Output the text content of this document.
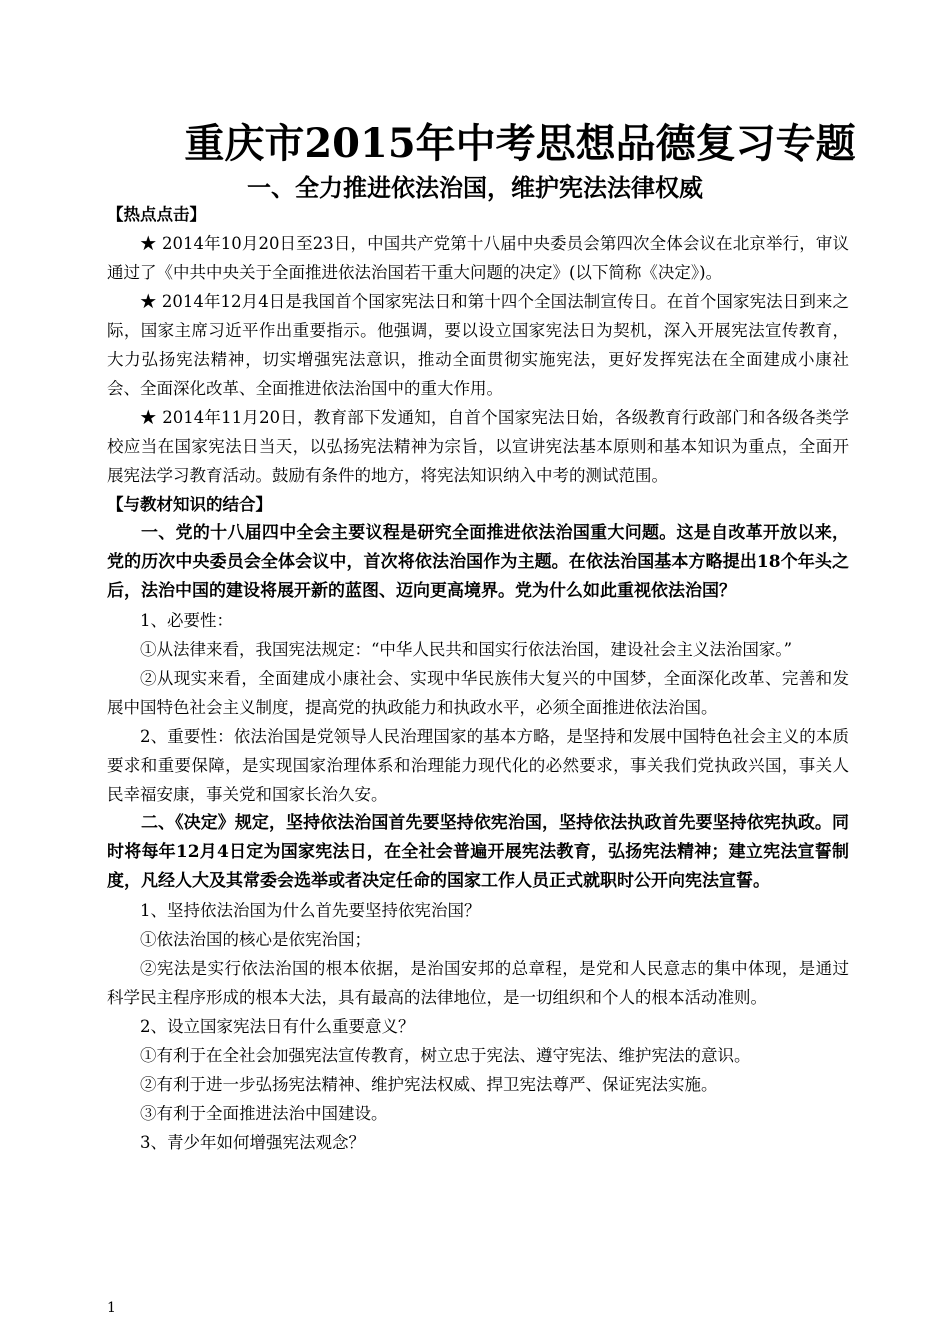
重庆市2015年中考思想品德复习专题
一、全力推进依法治国，维护宪法法律权威

【热点点击】

★ 2014年10月20日至23日，中国共产党第十八届中央委员会第四次全体会议在北京举行，审议通过了《中共中央关于全面推进依法治国若干重大问题的决定》(以下简称《决定》)。

★ 2014年12月4日是我国首个国家宪法日和第十四个全国法制宣传日。在首个国家宪法日到来之际，国家主席习近平作出重要指示。他强调，要以设立国家宪法日为契机，深入开展宪法宣传教育，大力弘扬宪法精神，切实增强宪法意识，推动全面贯彻实施宪法，更好发挥宪法在全面建成小康社会、全面深化改革、全面推进依法治国中的重大作用。

★ 2014年11月20日，教育部下发通知，自首个国家宪法日始，各级教育行政部门和各级各类学校应当在国家宪法日当天，以弘扬宪法精神为宗旨，以宣讲宪法基本原则和基本知识为重点，全面开展宪法学习教育活动。鼓励有条件的地方，将宪法知识纳入中考的测试范围。

【与教材知识的结合】

一、党的十八届四中全会主要议程是研究全面推进依法治国重大问题。这是自改革开放以来，党的历次中央委员会全体会议中，首次将依法治国作为主题。在依法治国基本方略提出18个年头之后，法治中国的建设将展开新的蓝图、迈向更高境界。党为什么如此重视依法治国？

1、必要性：

①从法律来看，我国宪法规定：“中华人民共和国实行依法治国，建设社会主义法治国家。”

②从现实来看，全面建成小康社会、实现中华民族伟大复兴的中国梦，全面深化改革、完善和发展中国特色社会主义制度，提高党的执政能力和执政水平，必须全面推进依法治国。

2、重要性：依法治国是党领导人民治理国家的基本方略，是坚持和发展中国特色社会主义的本质要求和重要保障，是实现国家治理体系和治理能力现代化的必然要求，事关我们党执政兴国，事关人民幸福安康，事关党和国家长治久安。

二、《决定》规定，坚持依法治国首先要坚持依宪治国，坚持依法执政首先要坚持依宪执政。同时将每年12月4日定为国家宪法日，在全社会普遍开展宪法教育，弘扬宪法精神；建立宪法宣誓制度，凡经人大及其常委会选举或者决定任命的国家工作人员正式就职时公开向宪法宣誓。

1、坚持依法治国为什么首先要坚持依宪治国？

①依法治国的核心是依宪治国；

②宪法是实行依法治国的根本依据，是治国安邦的总章程，是党和人民意志的集中体现，是通过科学民主程序形成的根本大法，具有最高的法律地位，是一切组织和个人的根本活动准则。

2、设立国家宪法日有什么重要意义？

①有利于在全社会加强宪法宣传教育，树立忠于宪法、遵守宪法、维护宪法的意识。

②有利于进一步弘扬宪法精神、维护宪法权威、捍卫宪法尊严、保证宪法实施。

③有利于全面推进法治中国建设。

3、青少年如何增强宪法观念？

1
